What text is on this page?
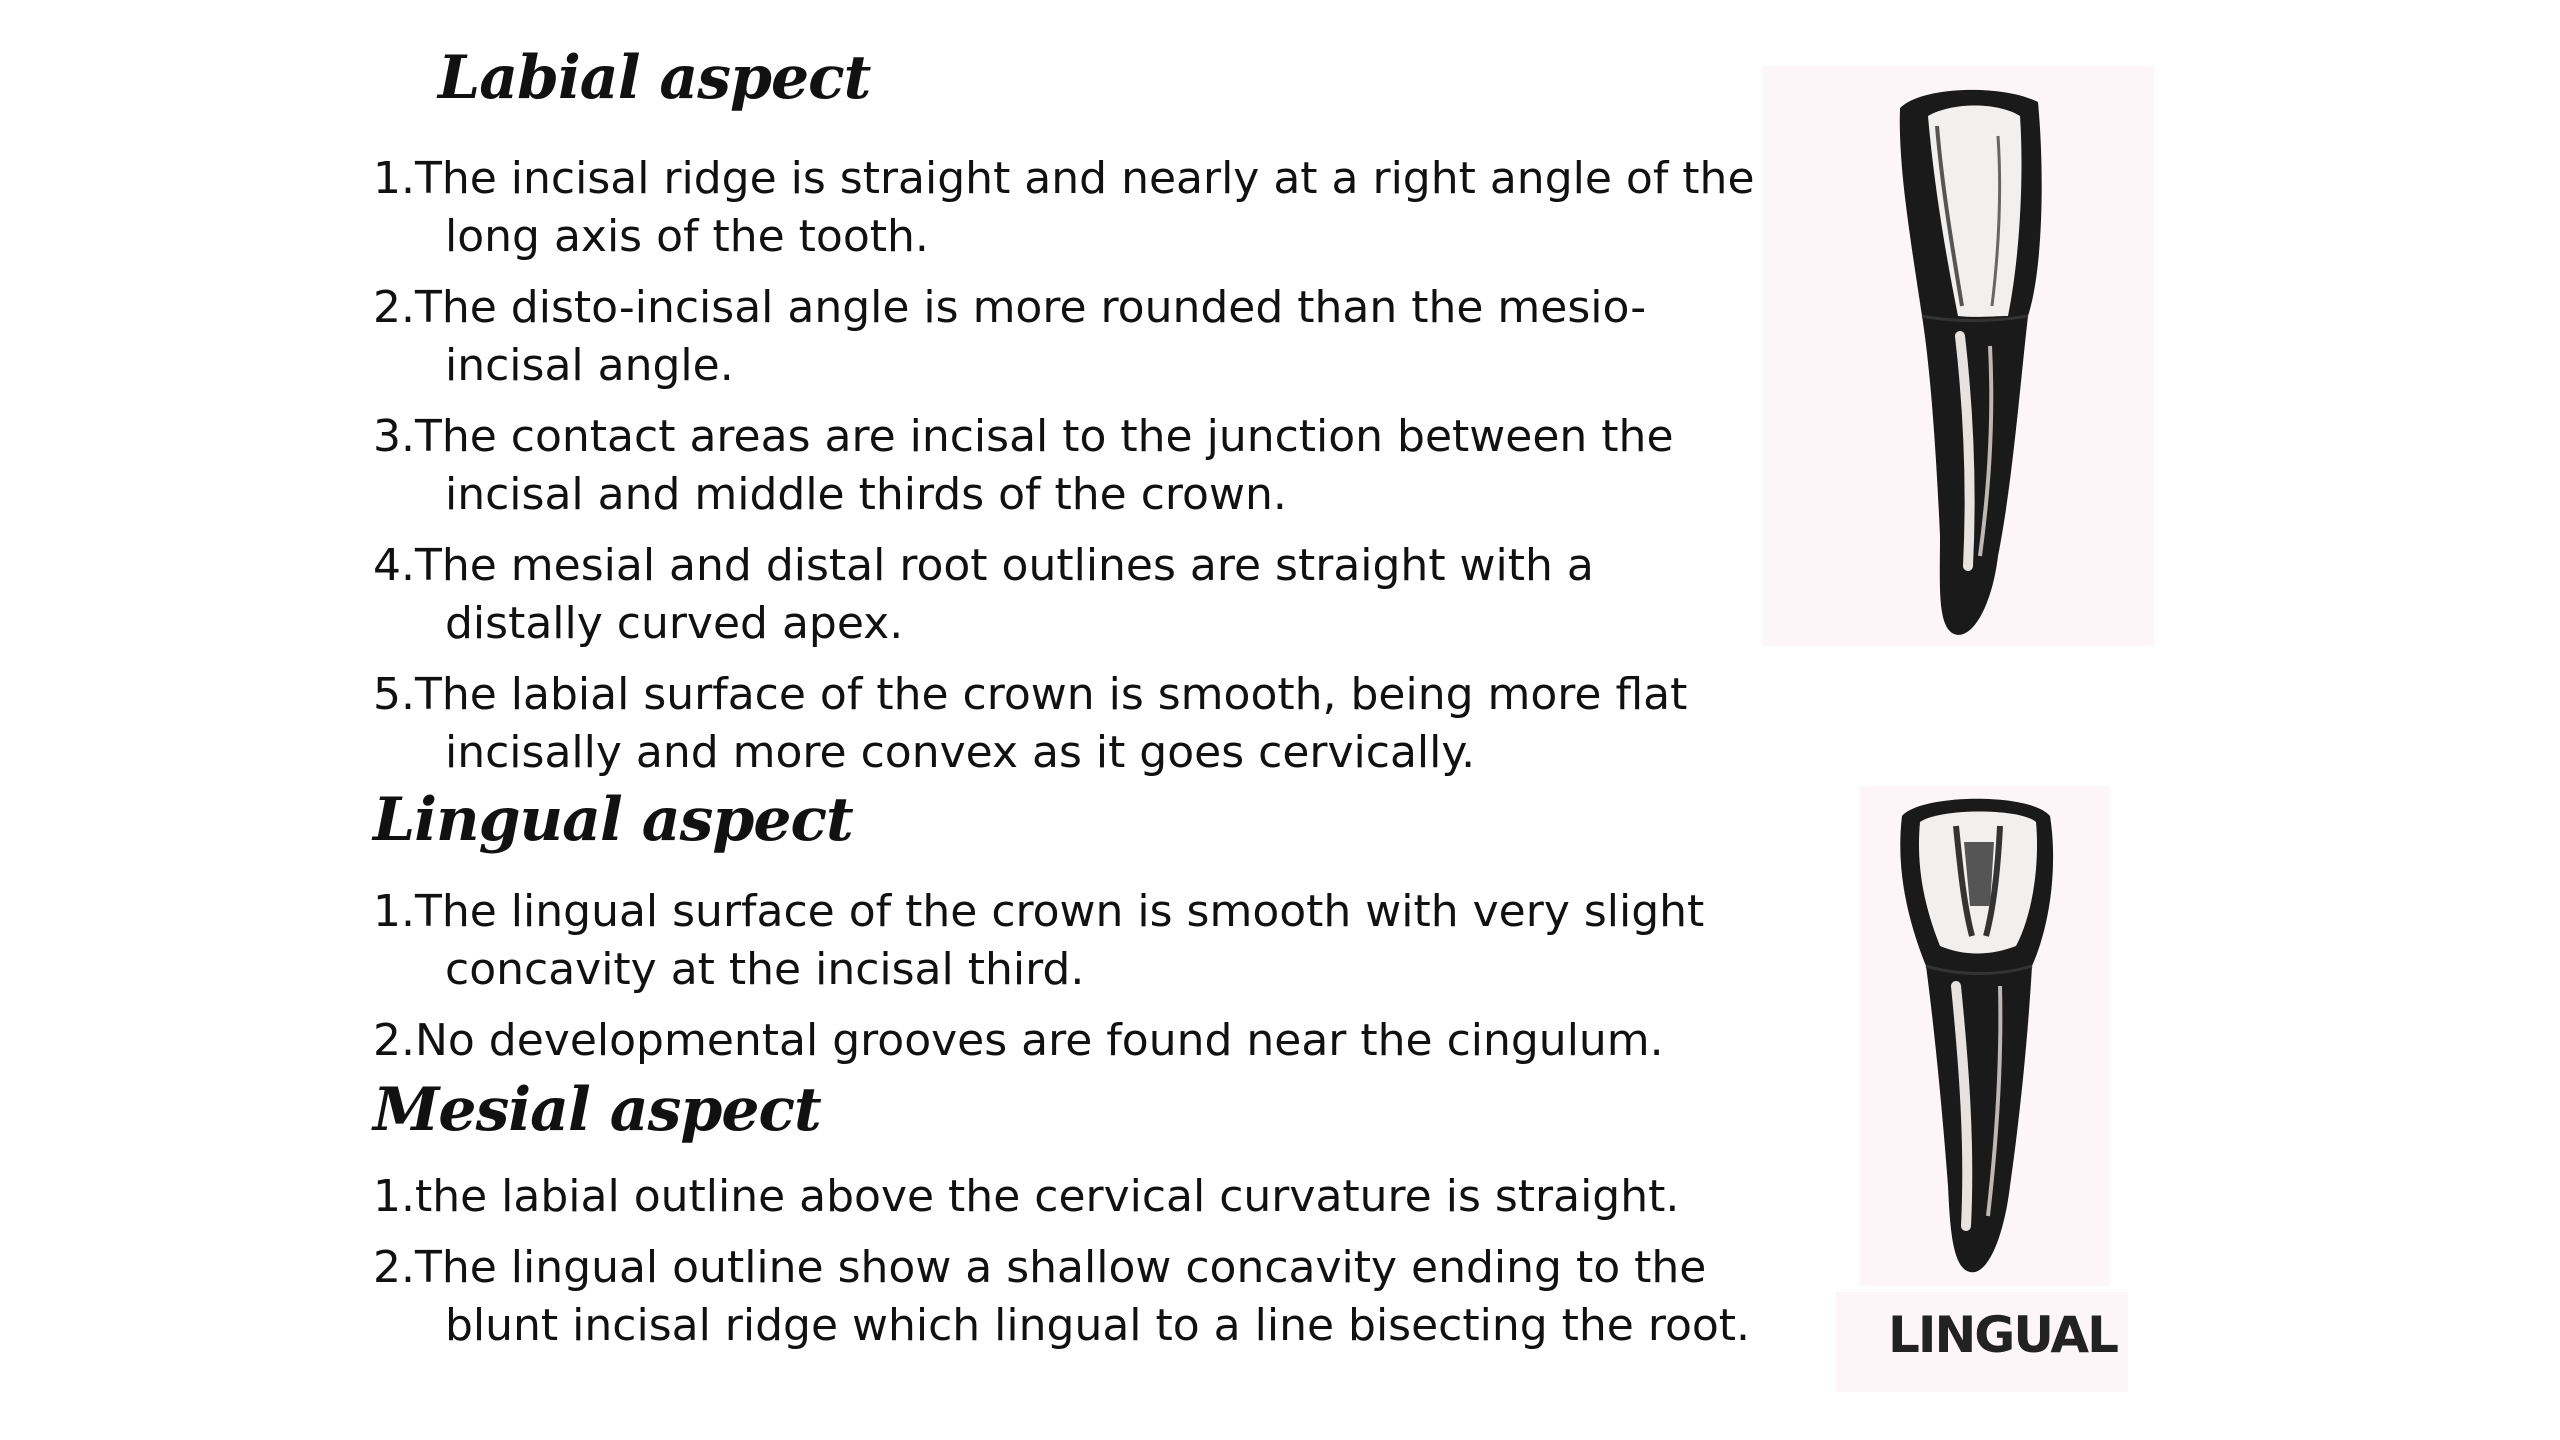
Labial aspect
1.The incisal ridge is straight and nearly at a right angle of the long axis of the tooth.
2.The disto-incisal angle is more rounded than the mesio-incisal angle.
3.The contact areas are incisal to the junction between the incisal and middle thirds of the crown.
4.The mesial and distal root outlines are straight with a distally curved apex.
5.The labial surface of the crown is smooth, being more flat incisally and more convex as it goes cervically.
Lingual aspect
1.The lingual surface of the crown is smooth with very slight concavity at the incisal third.
2.No developmental grooves are found near the cingulum.
Mesial aspect
1.the labial outline above the cervical curvature is straight.
2.The lingual outline show a shallow concavity ending to the blunt incisal ridge which lingual to a line bisecting the root.	LINGUAL
